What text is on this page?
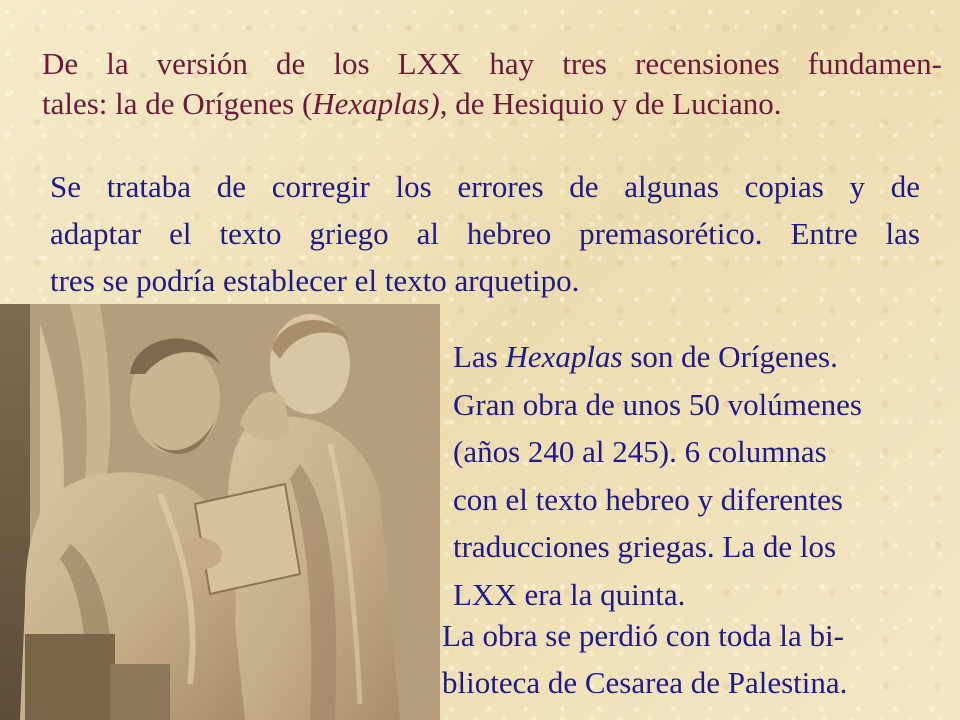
De la versión de los LXX hay tres recensiones fundamen-
tales: la de Orígenes (Hexaplas), de Hesiquio y de Luciano.

Se trataba de corregir los errores de algunas copias y de
adaptar el texto griego al hebreo premasorético. Entre las
tres se podría establecer el texto arquetipo.

Las Hexaplas son de Orígenes.
Gran obra de unos 50 volúmenes
(años 240 al 245). 6 columnas
con el texto hebreo y diferentes
traducciones griegas. La de los
LXX era la quinta.

La obra se perdió con toda la bi-
blioteca de Cesarea de Palestina.
